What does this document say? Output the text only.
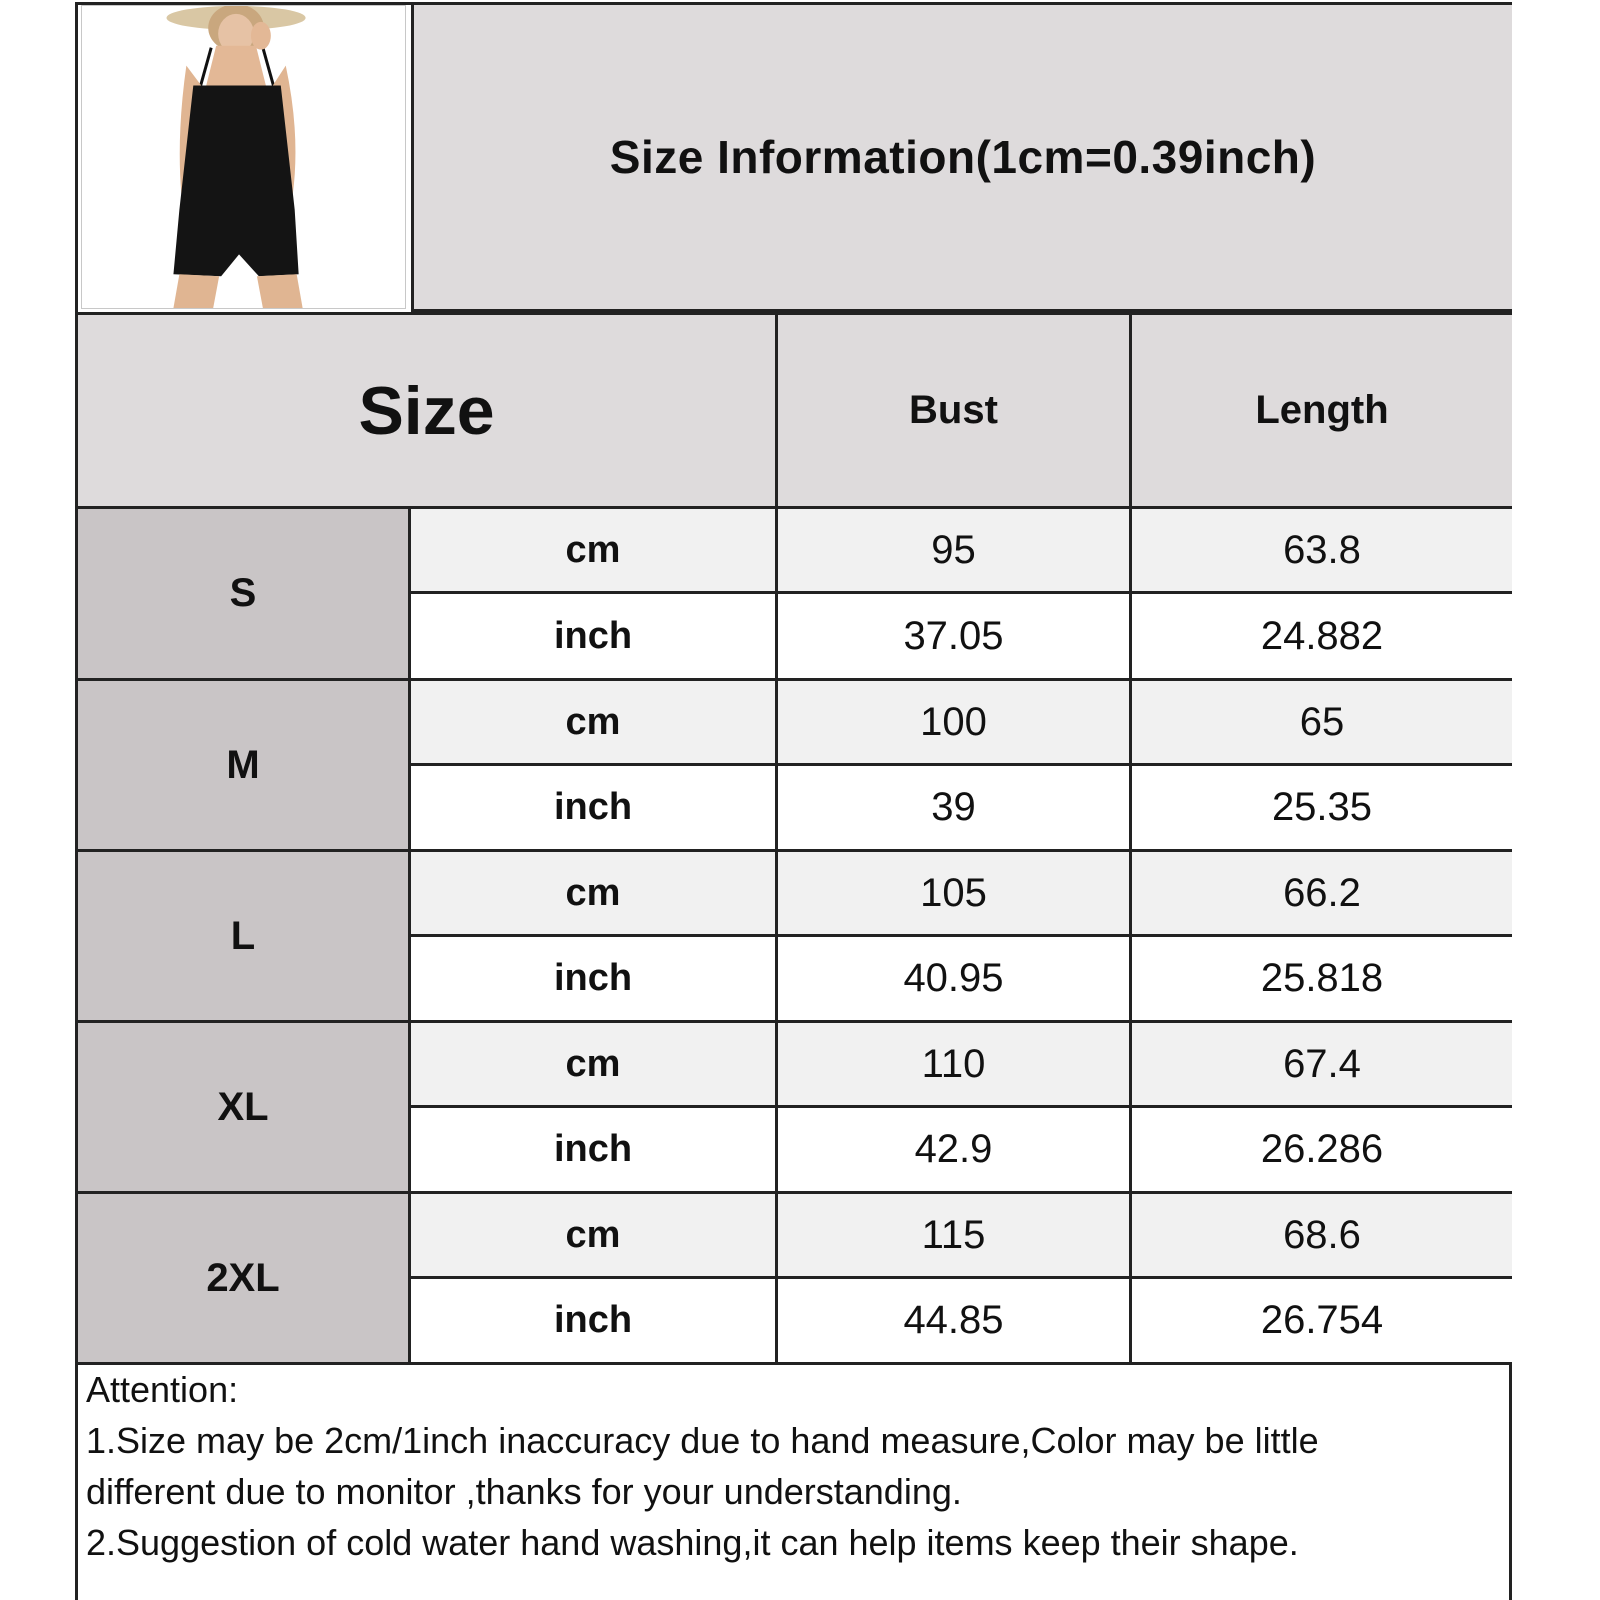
Size Information(1cm=0.39inch)
Size	Bust	Length
S
cm	95	63.8
inch	37.05	24.882
M
cm	100	65
inch	39	25.35
L
cm	105	66.2
inch	40.95	25.818
XL
cm	110	67.4
inch	42.9	26.286
2XL
cm	115	68.6
inch	44.85	26.754
Attention:
1.Size may be 2cm/1inch inaccuracy due to hand measure,Color may be little
different due to monitor ,thanks for your understanding.
2.Suggestion of cold water hand washing,it can help items keep their shape.
